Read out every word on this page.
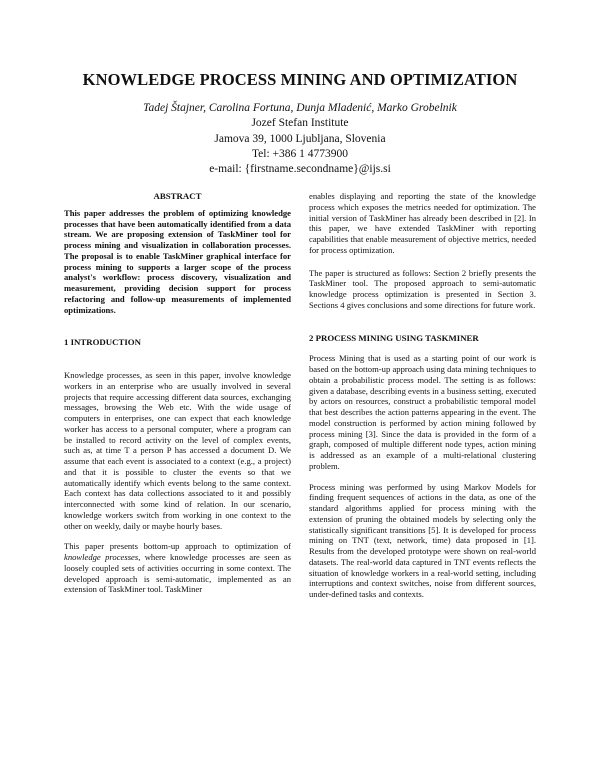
KNOWLEDGE PROCESS MINING AND OPTIMIZATION
Tadej Štajner, Carolina Fortuna, Dunja Mladenić, Marko Grobelnik
Jozef Stefan Institute
Jamova 39, 1000 Ljubljana, Slovenia
Tel: +386 1 4773900
e-mail: {firstname.secondname}@ijs.si
ABSTRACT

This paper addresses the problem of optimizing knowledge processes that have been automatically identified from a data stream. We are proposing extension of TaskMiner tool for process mining and visualization in collaboration processes. The proposal is to enable TaskMiner graphical interface for process mining to supports a larger scope of the process analyst's workflow: process discovery, visualization and measurement, providing decision support for process refactoring and follow-up measurements of implemented optimizations.

1 INTRODUCTION

Knowledge processes, as seen in this paper, involve knowledge workers in an enterprise who are usually involved in several projects that require accessing different data sources, exchanging messages, browsing the Web etc. With the wide usage of computers in enterprises, one can expect that each knowledge worker has access to a personal computer, where a program can be installed to record activity on the level of complex events, such as, at time T a person P has accessed a document D. We assume that each event is associated to a context (e.g., a project) and that it is possible to cluster the events so that we automatically identify which events belong to the same context. Each context has data collections associated to it and possibly interconnected with some kind of relation. In our scenario, knowledge workers switch from working in one context to the other on weekly, daily or maybe hourly bases.

This paper presents bottom-up approach to optimization of knowledge processes, where knowledge processes are seen as loosely coupled sets of activities occurring in some context. The developed approach is semi-automatic, implemented as an extension of TaskMiner tool. TaskMiner

enables displaying and reporting the state of the knowledge process which exposes the metrics needed for optimization. The initial version of TaskMiner has already been described in [2]. In this paper, we have extended TaskMiner with reporting capabilities that enable measurement of objective metrics, needed for process optimization.

The paper is structured as follows: Section 2 briefly presents the TaskMiner tool. The proposed approach to semi-automatic knowledge process optimization is presented in Section 3. Sections 4 gives conclusions and some directions for future work.

2 PROCESS MINING USING TASKMINER

Process Mining that is used as a starting point of our work is based on the bottom-up approach using data mining techniques to obtain a probabilistic process model. The setting is as follows: given a database, describing events in a business setting, executed by actors on resources, construct a probabilistic temporal model that best describes the action patterns appearing in the event. The model construction is performed by action mining followed by process mining [3]. Since the data is provided in the form of a graph, composed of multiple different node types, action mining is addressed as an example of a multi-relational clustering problem.

Process mining was performed by using Markov Models for finding frequent sequences of actions in the data, as one of the standard algorithms applied for process mining with the extension of pruning the obtained models by selecting only the statistically significant transitions [5]. It is developed for process mining on TNT (text, network, time) data proposed in [1]. Results from the developed prototype were shown on real-world datasets. The real-world data captured in TNT events reflects the situation of knowledge workers in a real-world setting, including interruptions and context switches, noise from different sources, under-defined tasks and contexts.
